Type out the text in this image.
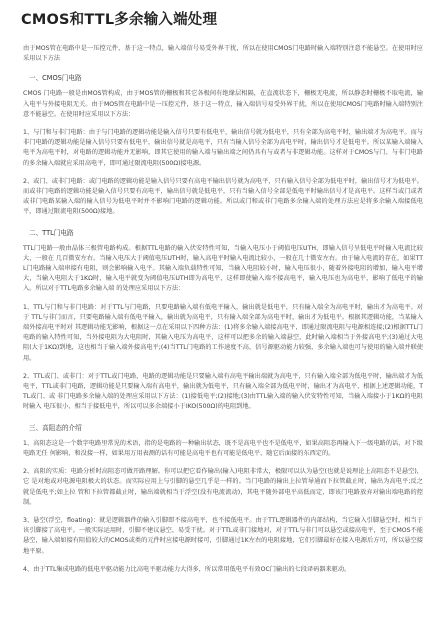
CMOS和TTL多余输入端处理

由于MOS管在电路中是一压控元件，基于这一特点，输入端信号易受外界干扰，所以在使用CMOS门电路时输入端特别注意不能悬空。在使用时应采用以下方法

一、CMOS门电路

CMOS 门电路一般是由MOS管构成，由于MOS管的栅极和其它各极间有绝缘层相隔，在直流状态下，栅极无电流，所以静态时栅极不取电流，输入电平与外接电阻无关。由于MOS管在电路中是一压控元件，基于这一特点，输入端信号易受外界干扰，所以在使用CMOS门电路时输入端特别注意不能悬空。在使用时应采用以下方法：

1、与门和与非门电路：由于与门电路的逻辑功能是输入信号只要有低电平，输出信号就为低电平，只有全部为高电平时，输出端才为高电平。而与非门电路的逻辑功能是输入信号只要有低电平，输出信号就是高电平，只有当输入信号全部为高电平时，输出信号才是低电平。所以某输入端输入电平为高电平时，对电路的逻辑功能并无影响，即其它使用的输入端与输出端之间仍具有与或者与非逻辑功能。这样对于CMOS与门、与非门电路的多余输入端就应采用高电平，即可通过限流电阻(500Ω)接电源。

2、或门、或非门电路：或门电路的逻辑功能是输入信号只要有高电平输出信号就为高电平，只有输入信号全部为低电平时，输出信号才为低电平。而或非门电路的逻辑功能是输入信号只要有高电平，输出信号就是低电平，只有当输入信号全部是低电平时输出信号才是高电平。这样当或门或者或非门电路某输入端的输入信号为低电平时并不影响门电路的逻辑功能。所以或门和或非门电路多余输入端的处理方法应是将多余输入端接低电平，即通过限流电阻(500Ω)接地。

二、TTL门电路

TTL门电路一般由晶体三极管电路构成。根据TTL电路的输入伏安特性可知，当输入电压小于阈值电压UTH，即输入信号呈低电平时输入电流比较大，一般在 几百微安左右。当输入电压大于阈值电压UTH时，输入高电平时输入电流比较小，一般在几十微安左右。由于输入电流的存在，如果TTL门电路输入端串接有电阻，则会影响输入电平。其输入端负载特性可知，当输入电阻较小时，输入电压很小，随着外接电阻的增加，输入电平增大，当输入电阻大于1KΩ时，输入电平就变为阈值电压UTH即为高电平，这样即使输入端不接高电平，输入电压也为高电平，影响了低电平的输入。所以对于TTL电路多余输入端 的处理应采用以下方法：

1、TTL与门和与非门电路：对于TTL与门电路，只要电路输入端有低电平输入，输出就是低电平，只有输入端全为高电平时，输出才为高电平。对于 TTL与非门而言，只要电路输入端有低电平输入，输出就为高电平，只有输入端全部为高电平时，输出才为低电平。根据其逻辑功能，当某输入端外接高电平时对 其逻辑功能无影响，根据这一点在采用以下四种方法：(1)将多余输入端接高电平，即通过限流电阻与电源相连接;(2)根据TTL门电路的输入特性可知，当外接电阻为大电阻时，其输入电压为高电平，这样可以把多余的输入端悬空，此时输入端相当于外接高电平;(3)通过大电阻(大于1KΩ)到地，这也相当于输入端外接高电平;(4)当TTL门电路的工作速度不高，信号源驱动能力较强，多余输入端也可与使用的输入端并联使用。

2、TTL或门、或非门：对于TTL或门电路，电路的逻辑功能是只要输入端有高电平输出端就为高电平，只有输入端全部为低电平时，输出端才为低电平，TTL或非门电路，逻辑功能是只要输入端有高电平，输出就为低电平，只有输入端全部为低电平时，输出才为高电平，根据上述逻辑功能，TTL或门、或 非门电路多余输入端的处理应采用以下方法：(1)接低电平;(2)接地;(3)由TTL输入端的输入伏安特性可知，当输入端接小于1KΩ的电阻时输入 电压很小，相当于接低电平，所以可以多余端接小于IKO(500Ω)的电阻到地。

三、高阻态的介绍

1、高阻态这是一个数字电路里常见的术语，指的是电路的一种输出状态，既不是高电平也不是低电平，如果高阻态再输入下一级电路的话，对下级电路无任 何影响，和没接一样，如果用万用表测的话有可能是高电平也有可能是低电平，随它后面接的东西定的。

2、高阻的实质：电路分析时高阻态可做开路理解。你可以把它看作输出(输入)电阻非常大，极限可以认为悬空(也就是说理论上高阻态不是悬空)，它 是对地或对电源电阻极大的状态。而实际应用上与引脚的悬空几乎是一样的。当门电路的输出上拉管导通而下拉管截止时，输出为高电平;反之就是低电平;如上拉 管和下拉管都截止时，输出端就相当于浮空(没有电流流动)，其电平随外部电平高低而定，即该门电路放弃对输出端电路的控制。

3、悬空(浮空，floating)：就是逻辑器件的输入引脚即不接高电平，也不接低电平。由于TTL逻辑器件的内部结构，当它输入引脚悬空时，相当于该引脚接了高电平。一般实际运用时，引脚不建议悬空，易受干扰。对于TTL或非门接地对，对于TTL与非门可以悬空或接高电平，至于CMOS不能悬空，输入端如接有阻值较大的CMOS或类的元件时应接电源时接可，引脚通过1K左右的电阻接地，它们引脚最好在接入电源后方可，所以悬空接地平原。

4、由于TTL集成电路的低电平驱动能力比高电平驱动能力大得多，所以常用低电平有效OC门输出的七段译码器来驱动。
